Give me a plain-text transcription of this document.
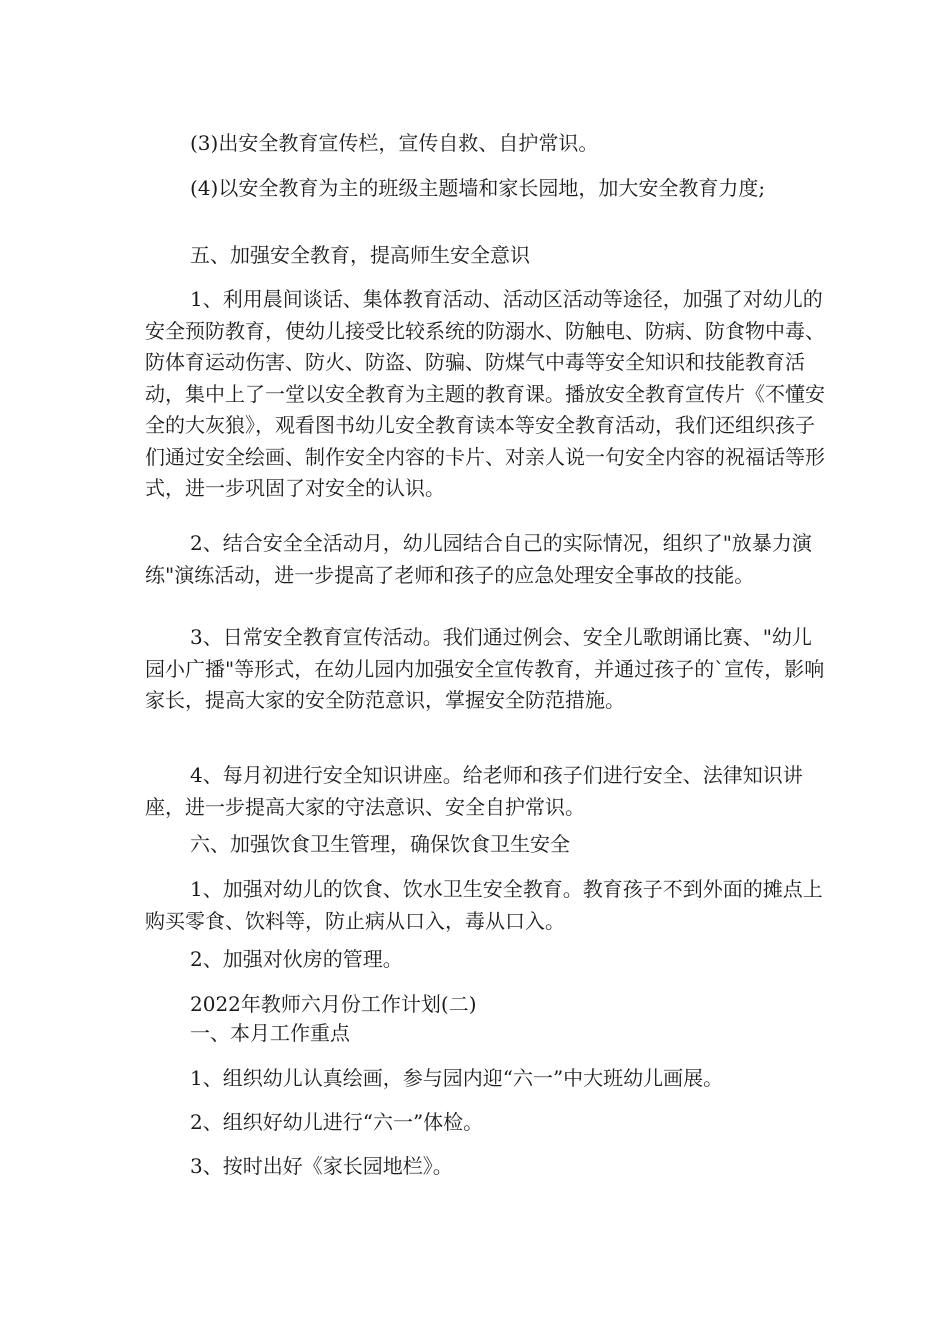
(3)出安全教育宣传栏，宣传自救、自护常识。

(4)以安全教育为主的班级主题墙和家长园地，加大安全教育力度;

五、加强安全教育，提高师生安全意识

1、利用晨间谈话、集体教育活动、活动区活动等途径，加强了对幼儿的安全预防教育，使幼儿接受比较系统的防溺水、防触电、防病、防食物中毒、防体育运动伤害、防火、防盗、防骗、防煤气中毒等安全知识和技能教育活动，集中上了一堂以安全教育为主题的教育课。播放安全教育宣传片《不懂安全的大灰狼》，观看图书幼儿安全教育读本等安全教育活动，我们还组织孩子们通过安全绘画、制作安全内容的卡片、对亲人说一句安全内容的祝福话等形式，进一步巩固了对安全的认识。

2、结合安全全活动月，幼儿园结合自己的实际情况，组织了"放暴力演练"演练活动，进一步提高了老师和孩子的应急处理安全事故的技能。

3、日常安全教育宣传活动。我们通过例会、安全儿歌朗诵比赛、"幼儿园小广播"等形式，在幼儿园内加强安全宣传教育，并通过孩子的`宣传，影响家长，提高大家的安全防范意识，掌握安全防范措施。

4、每月初进行安全知识讲座。给老师和孩子们进行安全、法律知识讲座，进一步提高大家的守法意识、安全自护常识。

六、加强饮食卫生管理，确保饮食卫生安全

1、加强对幼儿的饮食、饮水卫生安全教育。教育孩子不到外面的摊点上购买零食、饮料等，防止病从口入，毒从口入。

2、加强对伙房的管理。

2022年教师六月份工作计划(二)

一、本月工作重点

1、组织幼儿认真绘画，参与园内迎“六一”中大班幼儿画展。

2、组织好幼儿进行“六一”体检。

3、按时出好《家长园地栏》。
